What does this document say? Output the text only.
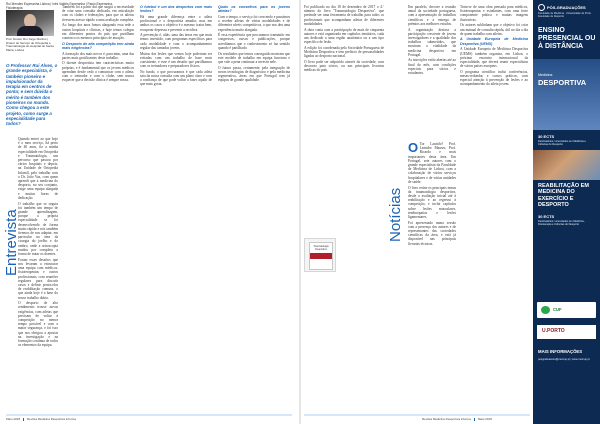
Rui Mendes Esperanha Lisboa | Inês Valdés Esperanha | Paulo Esperanha, Fisioterapia
Prof. Doutor Rui Jorge Martins | Diretor do Serviço de Ortopedia e Traumatologia do Hospital de Santa Maria, Lisboa
O Professor Rui Alves, o grande especialista, é também pioneiro e impulsionador da terapia em centros de ponta; e sem dúvida o mérito é também dos pioneiros no mundo. Como chegou a este projeto, como surge a especialidade para todos?
Entrevista

Quando entrei ao que hoje é o meu serviço, há perto de 40 anos, fiz a minha especialidade em Ortopedia e Traumatologia, um percurso que passou por vários hospitais e depois, na Unidade de Ortopedia Infantil, pelo trabalho com o Dr. João Vaz, com quem aprendi que a medicina do desporto, no seu conjunto, exige uma equipa alargada e muitas horas de dedicação.

O trabalho que se seguiu foi também um tempo de grande aprendizagem, porque a própria especialidade se foi desenvolvendo de forma muito rápida e nós também tivemos de nos adaptar, em particular na área da cirurgia do joelho e do ombro, onde a artroscopia mudou por completo a forma de tratar os doentes.

Foram esses desafios que nos levaram a estruturar uma equipa com médicos, fisioterapeutas e outros profissionais, com reuniões regulares para discutir casos e definir protocolos de reabilitação comuns, o que ainda hoje é a base do nosso trabalho diário.

O desporto de alto rendimento trouxe novas exigências, com atletas que precisam de voltar à competição no menor tempo possível e com a maior segurança, e foi isso que nos obrigou a apostar na investigação e na formação contínua de todos os elementos da equipa.

Também foi a partir daí que surgiu a necessidade de criar uma consulta dedicada, em articulação com os clubes e federações, para que os atletas tivessem acesso rápido a uma avaliação completa.

Ao longo dos anos fomos alargando essa rede a outros hospitais e clínicas, e hoje temos colegas em diferentes pontos do país que partilham connosco os mesmos princípios de atuação.

O Desporto de alta competição tem ainda mais exigências?

A formação dos mais novos é, para mim, uma das partes mais gratificantes deste trabalho.

O doente desportista tem características muito próprias, e é fundamental que os jovens médicos aprendam desde cedo a comunicar com o atleta, com o treinador e com o clube, sem nunca esquecer que a decisão clínica é sempre nossa.

O futebol é um dos desportos com mais lesões?

Há uma grande diferença entre o atleta profissional e o desportista amador, mas em ambos os casos o objetivo é o mesmo: tratar bem, recuperar depressa e prevenir a recidiva.

A prevenção é, aliás, uma das áreas em que mais temos investido, com programas específicos para cada modalidade e com o acompanhamento regular das camadas jovens.

Muitas das lesões que vemos hoje poderiam ser evitadas com um trabalho de base mais consistente, e esse é um desafio que partilhamos com os treinadores e preparadores físicos.

No fundo, o que procuramos é que cada atleta saia da nossa consulta com um plano claro e com a confiança de que pode voltar a fazer aquilo de que mais gosta.

Quais os conselhos para os jovens atletas?

Com o tempo, o serviço foi crescendo e passámos a receber atletas de várias modalidades e de diferentes níveis competitivos, o que nos deu uma experiência muito alargada.

É essa experiência que procuramos transmitir em congressos, cursos e publicações, porque acreditamos que o conhecimento só faz sentido quando é partilhado.

Os resultados que temos conseguido mostram que este modelo de trabalho em equipa funciona e que vale a pena continuar a investir nele.

O futuro passa, certamente, pela integração de novas tecnologias de diagnóstico e pela medicina regenerativa, áreas em que Portugal tem já equipas de grande qualidade.

Maio 2018 Revista Medicina Desportiva informa
Notícias
O Tor Laurido? Prof. Leandro Mauser, Prof. Ricardo e mais importantes desta área. Em Portugal, sete autores com o grande especialista da Faculdade de Medicina de Lisboa, com a colaboração de vários serviços hospitalares e de várias unidades de saúde.

O livro reúne os principais temas da traumatologia desportiva, desde a avaliação inicial até à reabilitação e ao regresso à competição, e inclui capítulos sobre lesões musculares, tendinopatias e lesões ligamentares.

Foi apresentado numa sessão com a presença dos autores e de representantes das sociedades científicas da área, e está já disponível nas principais livrarias técnicas.

Trata-se de uma obra pensada para médicos, fisioterapeutas e estudantes, com uma forte componente prática e muitas imagens ilustrativas.

Os autores sublinham que o objetivo foi criar um manual de consulta rápida, útil no dia a dia de quem trabalha com atletas.

A Unidade Europeia de Medicina Desportiva (UEMS)

A Unidade Europeia de Medicina Desportiva (UEMS) também organiza, em Lisboa, o próximo encontro internacional da especialidade, que deverá reunir especialistas de vários países europeus.

O programa científico inclui conferências, mesas-redondas e cursos práticos, com especial atenção à prevenção de lesões e ao acompanhamento do atleta jovem.

Em paralelo, decorre a reunião anual da sociedade portuguesa, com a apresentação de trabalhos científicos e a entrega de prémios aos melhores estudos.

A organização destaca a participação crescente de jovens investigadores e a qualidade dos trabalhos submetidos, que mostram a vitalidade da medicina desportiva em Portugal.

As inscrições estão abertas até ao final do mês, com condições especiais para sócios e estudantes.

Foi publicado no dia 18 de dezembro de 2017 o 4.º número do livro "Traumatologia Desportiva", que pretende ser uma ferramenta de trabalho para todos os profissionais que acompanham atletas de diferentes modalidades.

A obra conta com a participação de mais de cinquenta autores e está organizada em capítulos temáticos, cada um dedicado a uma região anatómica ou a um tipo específico de lesão.

A edição foi coordenada pela Sociedade Portuguesa de Medicina Desportiva e tem prefácio de personalidades ligadas ao desporto nacional.

O livro pode ser adquirido através da sociedade, com desconto para sócios, ou nas principais livrarias médicas do país.

Traumatologia Desportiva
PÓS-GRADUAÇÕES
Faculdade de Medicina · Universidade do Porto · Faculdade de Desporto
ENSINO PRESENCIAL OU À DISTÂNCIA
Medicina
DESPORTIVA
30 ECTS
Destinatários: Licenciados em Medicina e Ciências do Desporto
REABILITAÇÃO EM MEDICINA DO EXERCÍCIO E DESPORTO
30 ECTS
Destinatários: Licenciados em Medicina, Fisioterapia e Ciências do Desporto
CUF
U.PORTO
MAIS INFORMAÇÕES
posgraduacoes@med.up.pt | www.med.up.pt
Revista Medicina Desportiva informa Maio 2018
